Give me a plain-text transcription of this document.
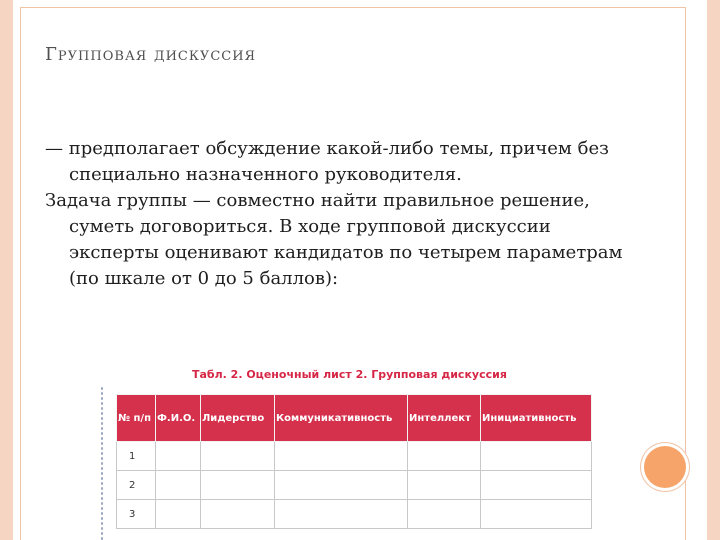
Групповая дискуссия

— предполагает обсуждение какой-либо темы, причем без специально назначенного руководителя.

Задача группы — совместно найти правильное решение, суметь договориться. В ходе групповой дискуссии эксперты оценивают кандидатов по четырем параметрам (по шкале от 0 до 5 баллов):

Табл. 2. Оценочный лист 2. Групповая дискуссия
№ п/п	Ф.И.О.	Лидерство	Коммуникативность	Интеллект	Инициативность
1					
2					
3					
